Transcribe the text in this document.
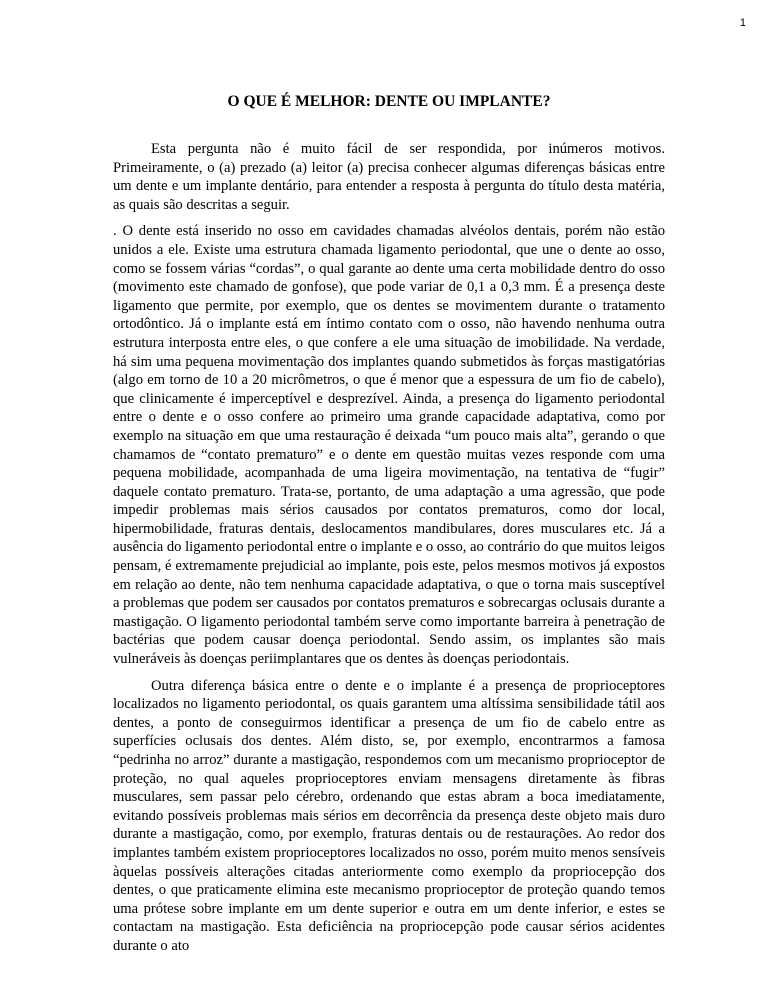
1
O QUE É MELHOR: DENTE OU IMPLANTE?

Esta pergunta não é muito fácil de ser respondida, por inúmeros motivos. Primeiramente, o (a) prezado (a) leitor (a) precisa conhecer algumas diferenças básicas entre um dente e um implante dentário, para entender a resposta à pergunta do título desta matéria, as quais são descritas a seguir.

. O dente está inserido no osso em cavidades chamadas alvéolos dentais, porém não estão unidos a ele. Existe uma estrutura chamada ligamento periodontal, que une o dente ao osso, como se fossem várias “cordas”, o qual garante ao dente uma certa mobilidade dentro do osso (movimento este chamado de gonfose), que pode variar de 0,1 a 0,3 mm. É a presença deste ligamento que permite, por exemplo, que os dentes se movimentem durante o tratamento ortodôntico. Já o implante está em íntimo contato com o osso, não havendo nenhuma outra estrutura interposta entre eles, o que confere a ele uma situação de imobilidade. Na verdade, há sim uma pequena movimentação dos implantes quando submetidos às forças mastigatórias (algo em torno de 10 a 20 micrômetros, o que é menor que a espessura de um fio de cabelo), que clinicamente é imperceptível e desprezível. Ainda, a presença do ligamento periodontal entre o dente e o osso confere ao primeiro uma grande capacidade adaptativa, como por exemplo na situação em que uma restauração é deixada “um pouco mais alta”, gerando o que chamamos de “contato prematuro” e o dente em questão muitas vezes responde com uma pequena mobilidade, acompanhada de uma ligeira movimentação, na tentativa de “fugir” daquele contato prematuro. Trata-se, portanto, de uma adaptação a uma agressão, que pode impedir problemas mais sérios causados por contatos prematuros, como dor local, hipermobilidade, fraturas dentais, deslocamentos mandibulares, dores musculares etc. Já a ausência do ligamento periodontal entre o implante e o osso, ao contrário do que muitos leigos pensam, é extremamente prejudicial ao implante, pois este, pelos mesmos motivos já expostos em relação ao dente, não tem nenhuma capacidade adaptativa, o que o torna mais susceptível a problemas que podem ser causados por contatos prematuros e sobrecargas oclusais durante a mastigação. O ligamento periodontal também serve como importante barreira à penetração de bactérias que podem causar doença periodontal. Sendo assim, os implantes são mais vulneráveis às doenças periimplantares que os dentes às doenças periodontais.

Outra diferença básica entre o dente e o implante é a presença de proprioceptores localizados no ligamento periodontal, os quais garantem uma altíssima sensibilidade tátil aos dentes, a ponto de conseguirmos identificar a presença de um fio de cabelo entre as superfícies oclusais dos dentes. Além disto, se, por exemplo, encontrarmos a famosa “pedrinha no arroz” durante a mastigação, respondemos com um mecanismo proprioceptor de proteção, no qual aqueles proprioceptores enviam mensagens diretamente às fibras musculares, sem passar pelo cérebro, ordenando que estas abram a boca imediatamente, evitando possíveis problemas mais sérios em decorrência da presença deste objeto mais duro durante a mastigação, como, por exemplo, fraturas dentais ou de restaurações. Ao redor dos implantes também existem proprioceptores localizados no osso, porém muito menos sensíveis àquelas possíveis alterações citadas anteriormente como exemplo da propriocepção dos dentes, o que praticamente elimina este mecanismo proprioceptor de proteção quando temos uma prótese sobre implante em um dente superior e outra em um dente inferior, e estes se contactam na mastigação. Esta deficiência na propriocepção pode causar sérios acidentes durante o ato
